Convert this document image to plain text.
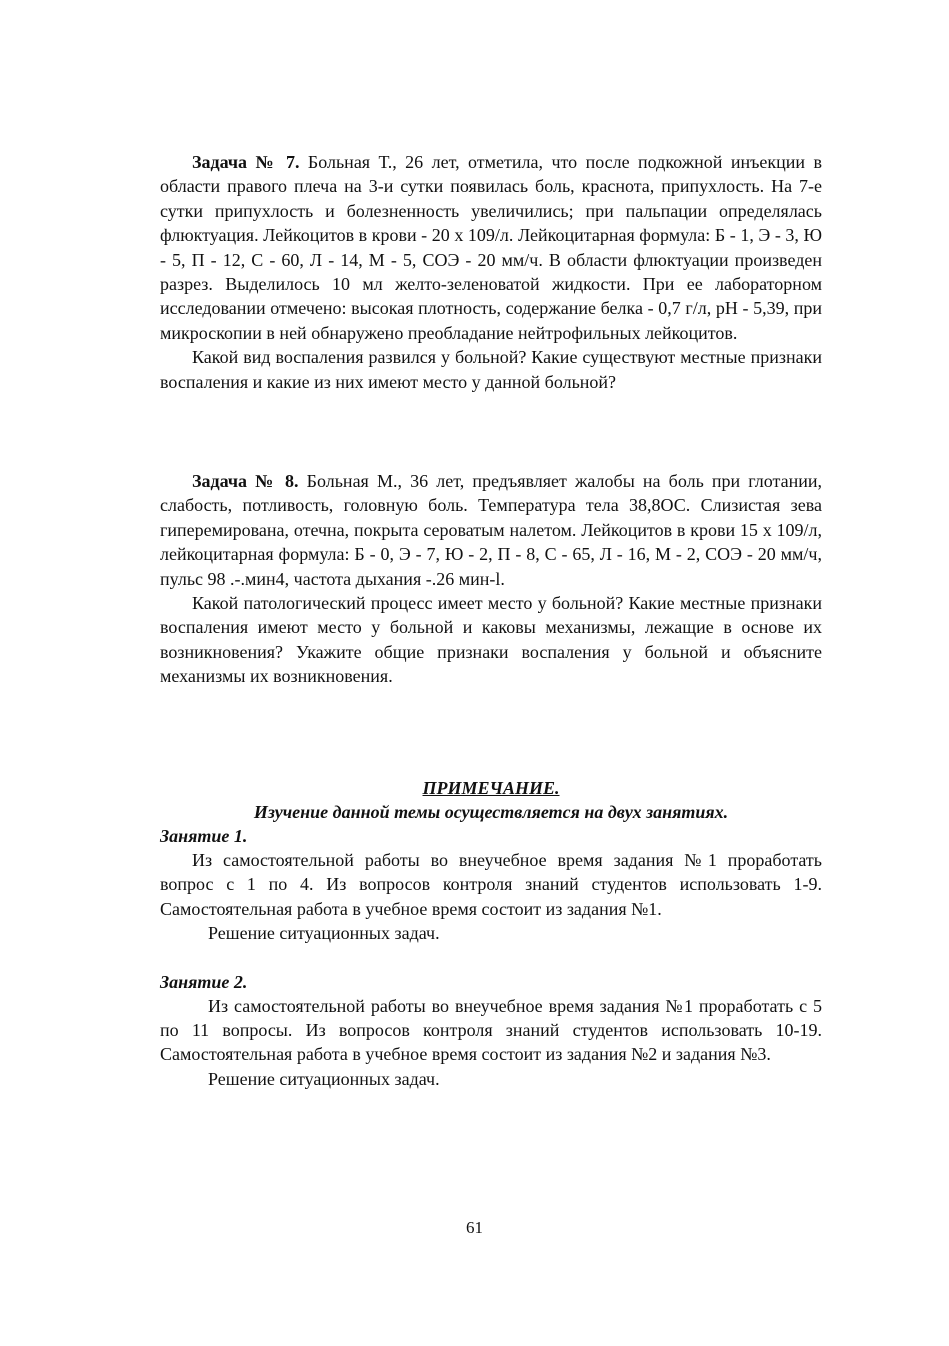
Задача № 7. Больная Т., 26 лет, отметила, что после подкожной инъекции в области правого плеча на 3-и сутки появилась боль, краснота, припухлость. На 7-е сутки припухлость и болезненность увеличились; при пальпации определялась флюктуация. Лейкоцитов в крови - 20 х 109/л. Лейкоцитарная формула: Б - 1, Э - 3, Ю - 5, П - 12, С - 60, Л - 14, М - 5, СОЭ - 20 мм/ч. В области флюктуации произведен разрез. Выделилось 10 мл желто-зеленоватой жидкости. При ее лабораторном исследовании отмечено: высокая плотность, содержание белка - 0,7 г/л, рН - 5,39, при микроскопии в ней обнаружено преобладание нейтрофильных лейкоцитов.

Какой вид воспаления развился у больной? Какие существуют местные признаки воспаления и какие из них имеют место у данной больной?

Задача № 8. Больная М., 36 лет, предъявляет жалобы на боль при глотании, слабость, потливость, головную боль. Температура тела 38,8ОС. Слизистая зева гиперемирована, отечна, покрыта сероватым налетом. Лейкоцитов в крови 15 х 109/л, лейкоцитарная формула: Б - 0, Э - 7, Ю - 2, П - 8, С - 65, Л - 16, М - 2, СОЭ - 20 мм/ч, пульс 98 .-.мин4, частота дыхания -.26 мин-l.

Какой патологический процесс имеет место у больной? Какие местные признаки воспаления имеют место у больной и каковы механизмы, лежащие в основе их возникновения? Укажите общие признаки воспаления у больной и объясните механизмы их возникновения.

ПРИМЕЧАНИЕ.

Изучение данной темы осуществляется на двух занятиях.

Занятие 1.

Из самостоятельной работы во внеучебное время задания №1 проработать вопрос с 1 по 4. Из вопросов контроля знаний студентов использовать 1-9. Самостоятельная работа в учебное время состоит из задания №1.

Решение ситуационных задач.

Занятие 2.

Из самостоятельной работы во внеучебное время задания №1 проработать с 5 по 11 вопросы. Из вопросов контроля знаний студентов использовать 10-19. Самостоятельная работа в учебное время состоит из задания №2 и задания №3.

Решение ситуационных задач.

61
